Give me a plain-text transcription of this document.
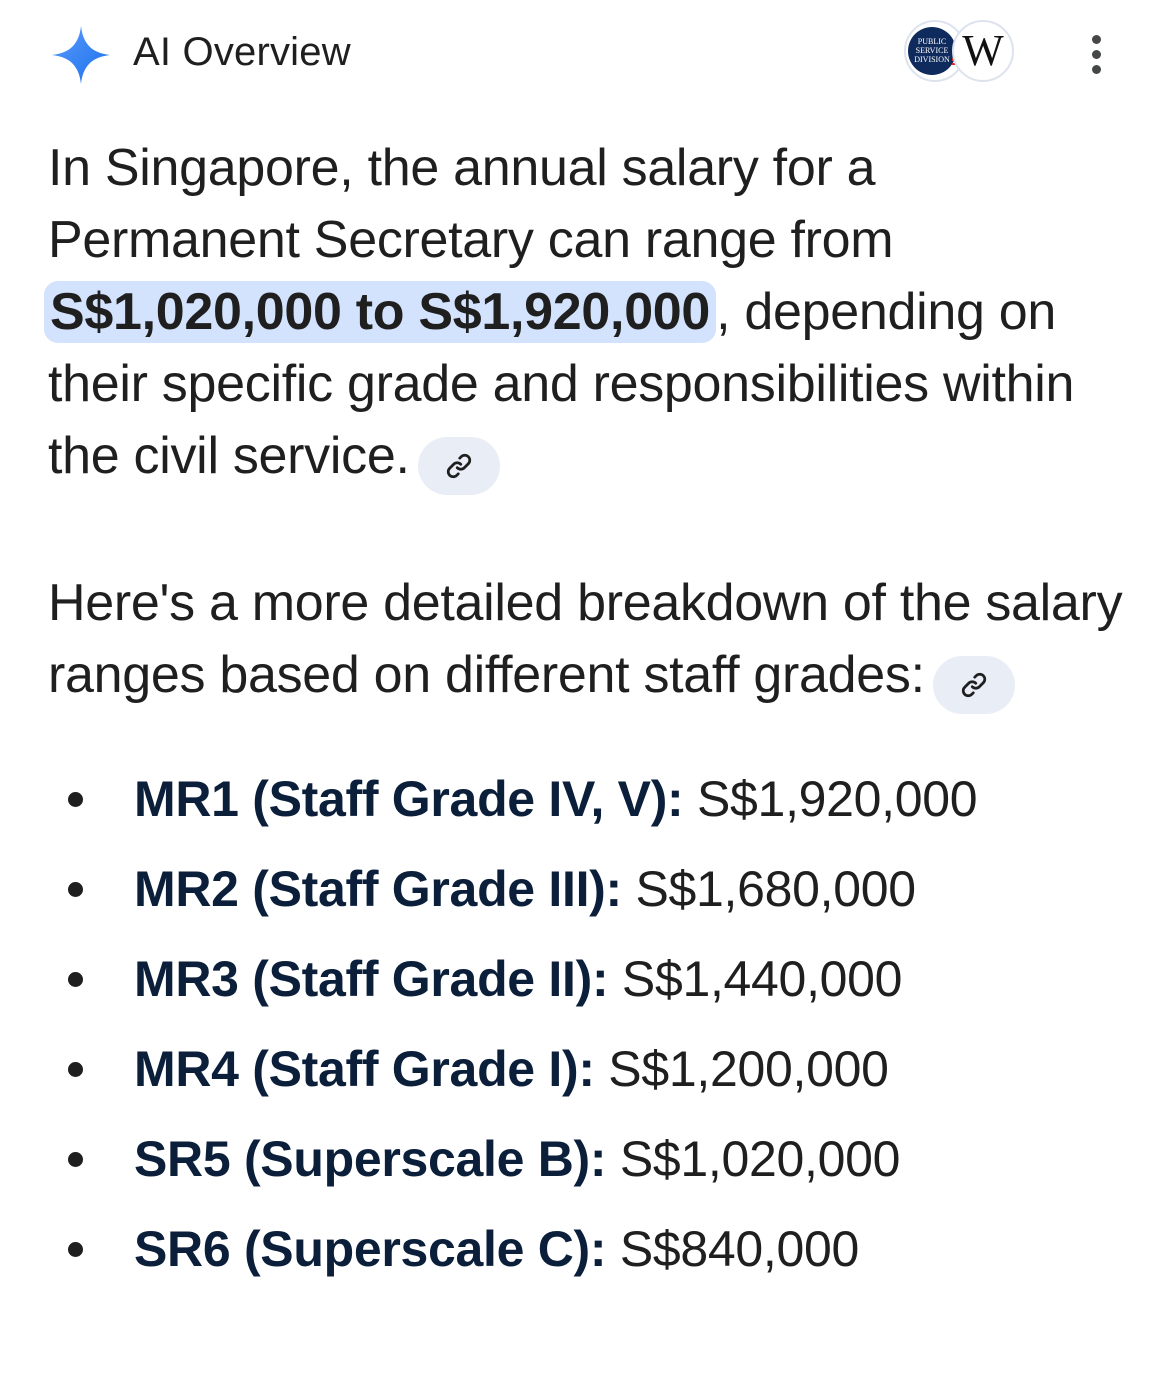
AI Overview	PUBLIC
SERVICE
DIVISION W

In Singapore, the annual salary for a Permanent Secretary can range from S$1,020,000 to S$1,920,000 , depending on their specific grade and responsibilities within the civil service.

Here's a more detailed breakdown of the salary ranges based on different staff grades:

MR1 (Staff Grade IV, V): S$1,920,000
MR2 (Staff Grade III): S$1,680,000
MR3 (Staff Grade II): S$1,440,000
MR4 (Staff Grade I): S$1,200,000
SR5 (Superscale B): S$1,020,000
SR6 (Superscale C): S$840,000
